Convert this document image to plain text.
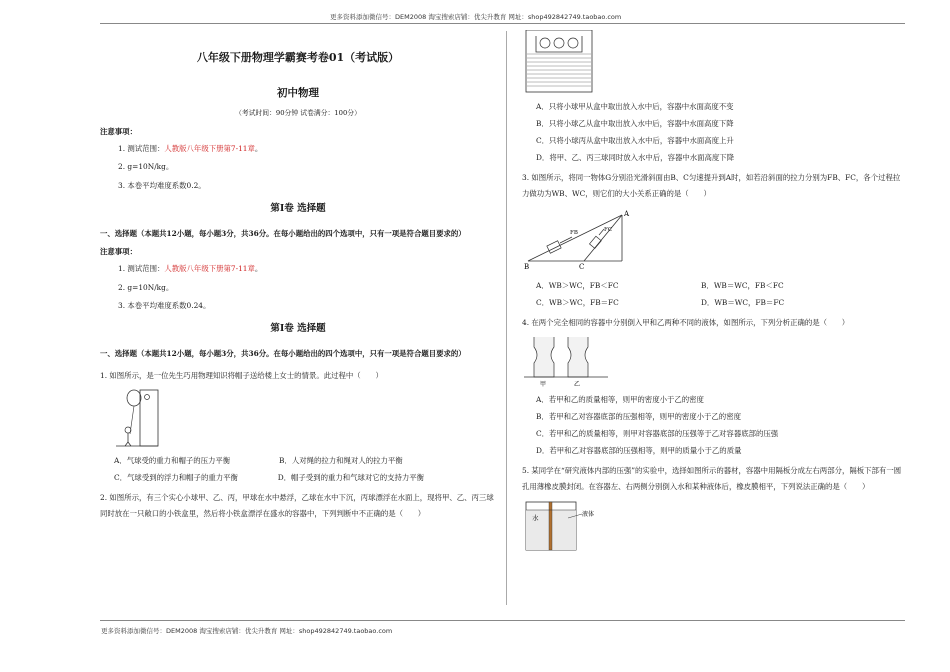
更多资料添加微信号：DEM2008 淘宝搜索店铺：优尖升教育 网址：shop492842749.taobao.com
更多资料添加微信号：DEM2008 淘宝搜索店铺：优尖升教育 网址：shop492842749.taobao.com
八年级下册物理学霸赛考卷01（考试版）
初中物理
（考试时间：90分钟 试卷满分：100分）
注意事项：
1. 测试范围：人教版八年级下册第7-11章。
2. g=10N/kg。
3. 本卷平均难度系数0.2。
第Ⅰ卷 选择题
一、选择题（本题共12小题，每小题3分，共36分。在每小题给出的四个选项中，只有一项是符合题目要求的）
注意事项：
1. 测试范围：人教版八年级下册第7-11章。
2. g=10N/kg。
3. 本卷平均难度系数0.24。
第Ⅰ卷 选择题
一、选择题（本题共12小题，每小题3分，共36分。在每小题给出的四个选项中，只有一项是符合题目要求的）
1. 如图所示，是一位先生巧用物理知识将帽子送给楼上女士的情景。此过程中（　　）
A．气球受的重力和帽子的压力平衡	B．人对绳的拉力和绳对人的拉力平衡
C．气球受到的浮力和帽子的重力平衡	D．帽子受到的重力和气球对它的支持力平衡
2. 如图所示，有三个实心小球甲、乙、丙，甲球在水中悬浮，乙球在水中下沉，丙球漂浮在水面上，现将甲、乙、丙三球同时放在一只敞口的小铁盒里，然后将小铁盒漂浮在盛水的容器中，下列判断中不正确的是（　　）
A．只将小球甲从盒中取出放入水中后，容器中水面高度不变
B．只将小球乙从盒中取出放入水中后，容器中水面高度下降
C．只将小球丙从盒中取出放入水中后，容器中水面高度上升
D．将甲、乙、丙三球同时放入水中后，容器中水面高度下降
3. 如图所示，将同一物体G分别沿光滑斜面由B、C匀速提升到A时，如若沿斜面的拉力分别为FB、FC，各个过程拉力做功为WB、WC，则它们的大小关系正确的是（　　）
A
B	C
FB	FC
A．WB＞WC，FB＜FC	B．WB＝WC，FB＜FC
C．WB＞WC，FB＝FC	D．WB＝WC，FB＝FC
4. 在两个完全相同的容器中分别倒入甲和乙两种不同的液体，如图所示，下列分析正确的是（　　）
甲	乙
A．若甲和乙的质量相等，则甲的密度小于乙的密度
B．若甲和乙对容器底部的压强相等，则甲的密度小于乙的密度
C．若甲和乙的质量相等，则甲对容器底部的压强等于乙对容器底部的压强
D．若甲和乙对容器底部的压强相等，则甲的质量小于乙的质量
5. 某同学在“研究液体内部的压强”的实验中，选择如图所示的器材，容器中用隔板分成左右两部分，隔板下部有一圆孔用薄橡皮膜封闭。在容器左、右两侧分别倒入水和某种液体后，橡皮膜相平，下列说法正确的是（　　）
水	液体
